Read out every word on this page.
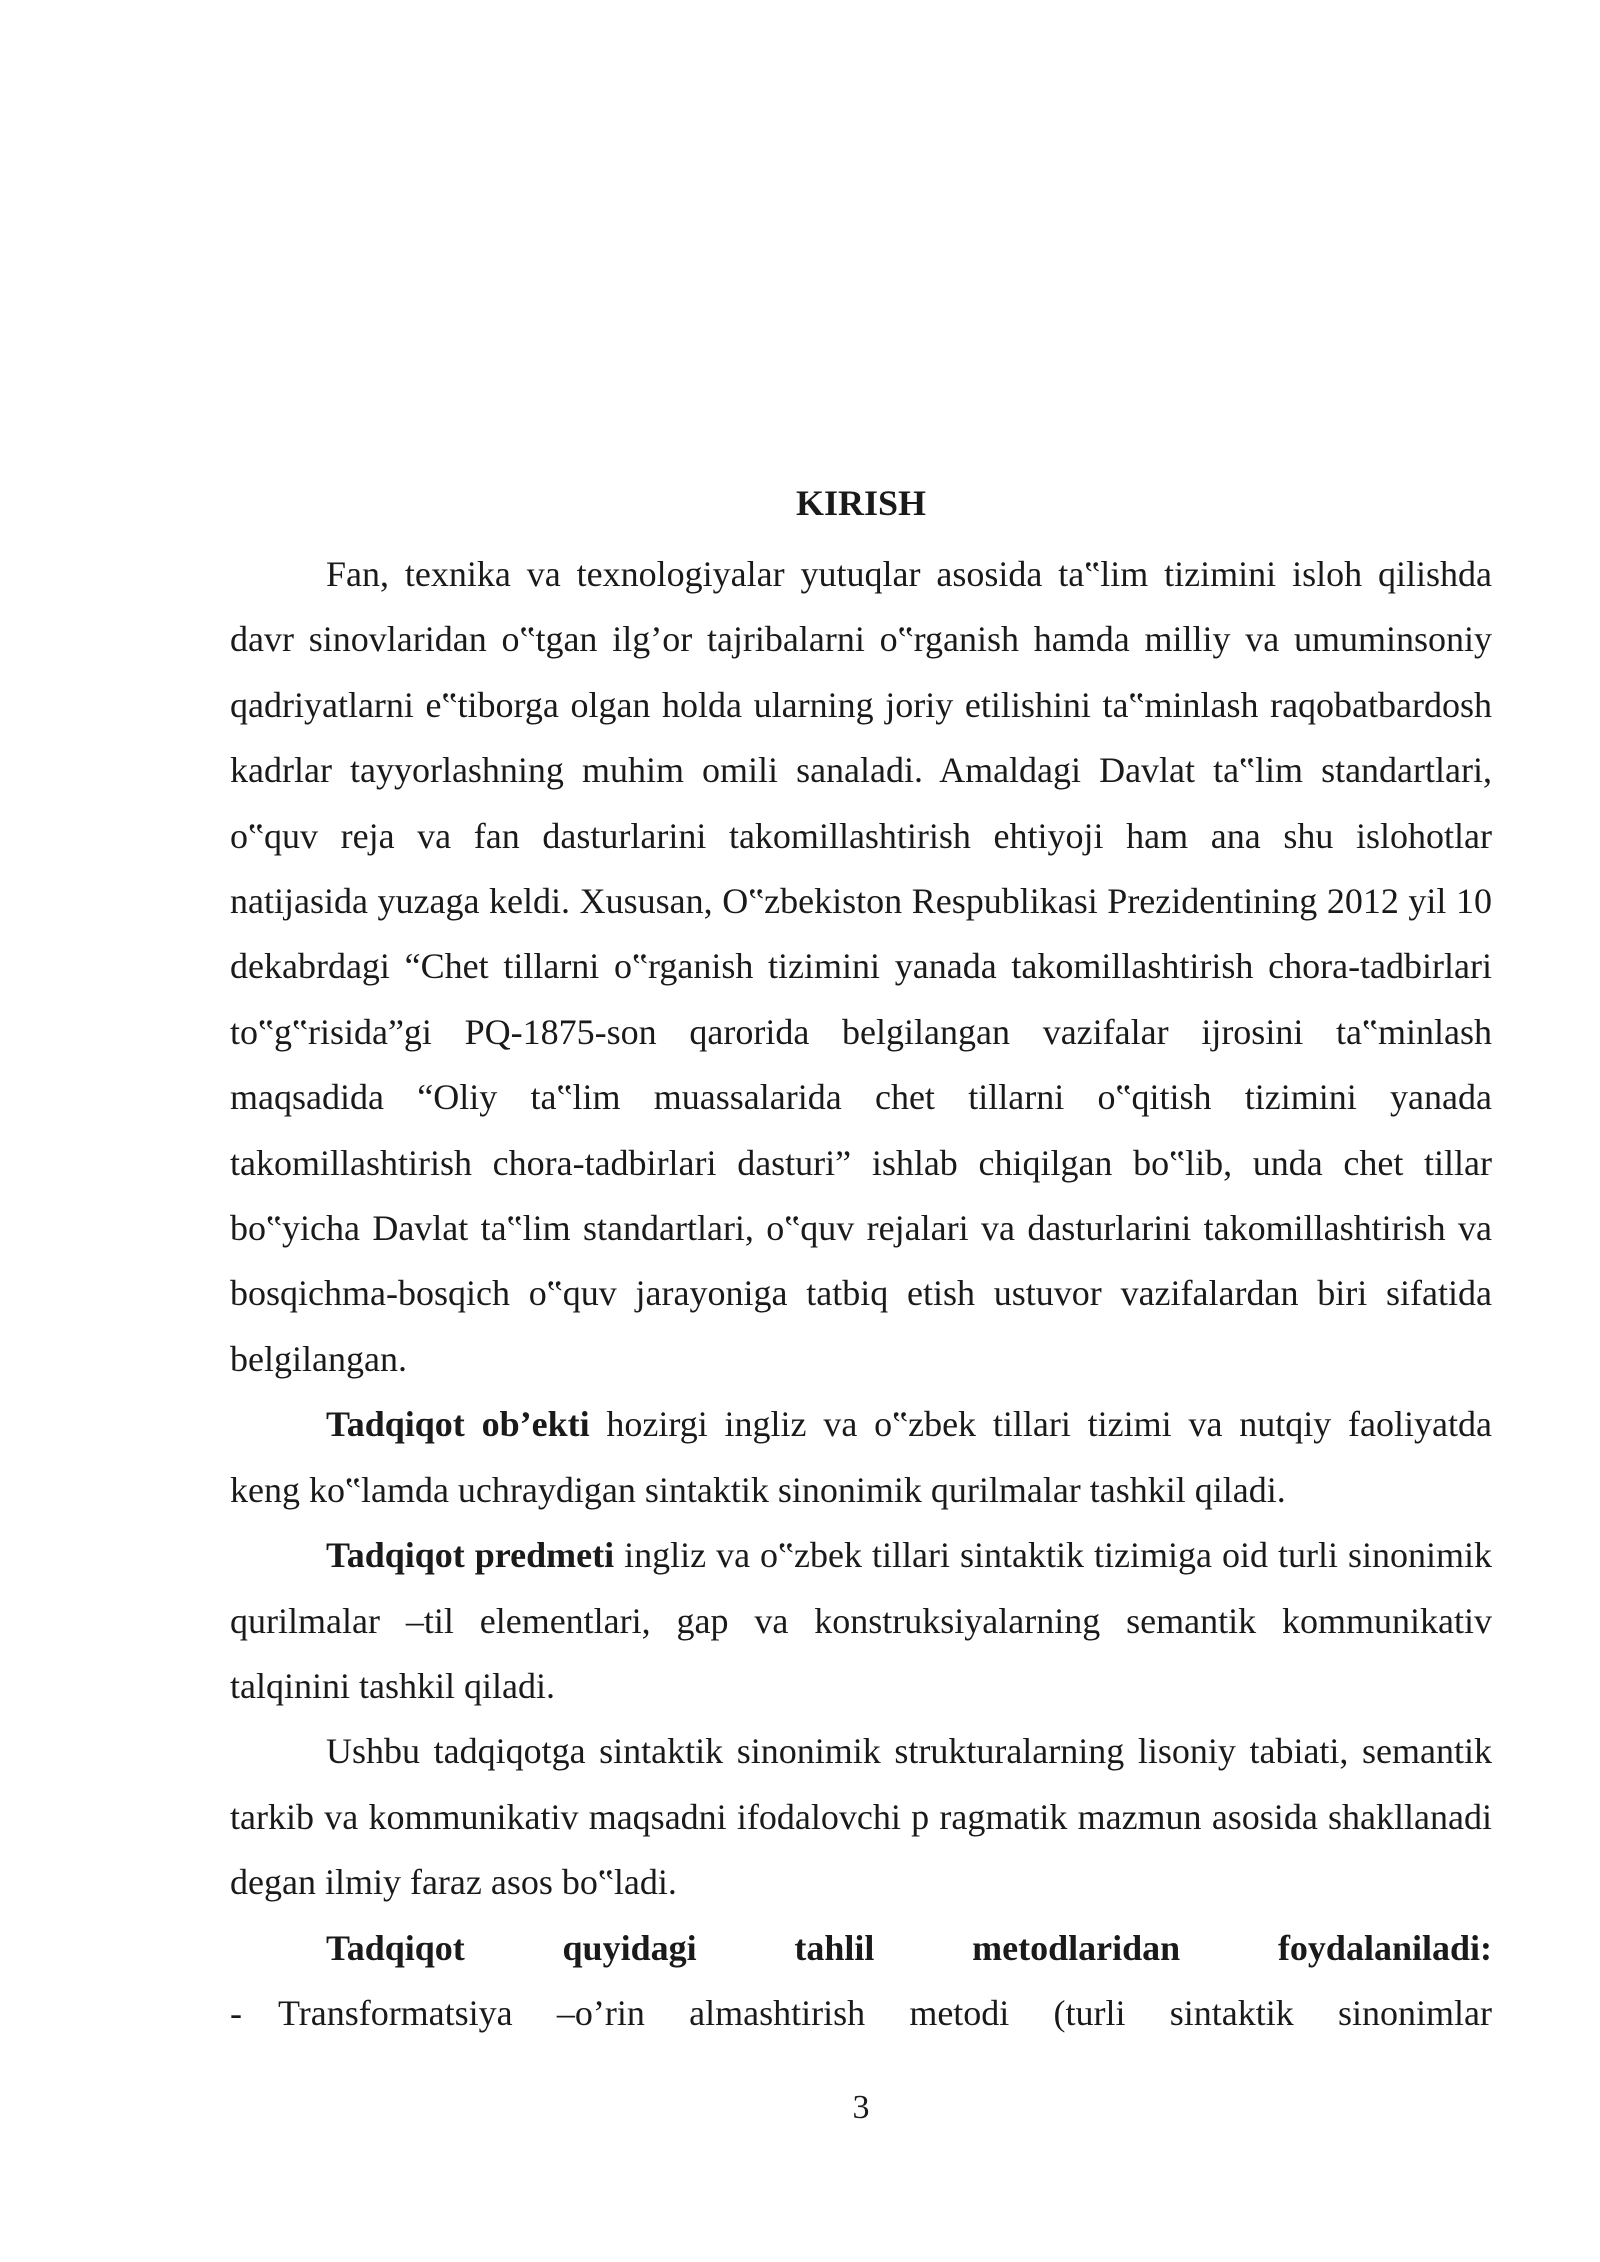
KIRISH

Fan, texnika va texnologiyalar yutuqlar asosida ta‟lim tizimini isloh qilishda davr sinovlaridan o‟tgan ilg’or tajribalarni o‟rganish hamda milliy va umuminsoniy qadriyatlarni e‟tiborga olgan holda ularning joriy etilishini ta‟minlash raqobatbardosh kadrlar tayyorlashning muhim omili sanaladi. Amaldagi Davlat ta‟lim standartlari, o‟quv reja va fan dasturlarini takomillashtirish ehtiyoji ham ana shu islohotlar natijasida yuzaga keldi. Xususan, O‟zbekiston Respublikasi Prezidentining 2012 yil 10 dekabrdagi “Chet tillarni o‟rganish tizimini yanada takomillashtirish chora-tadbirlari to‟g‟risida”gi PQ-1875-son qarorida belgilangan vazifalar ijrosini ta‟minlash maqsadida “Oliy ta‟lim muassalarida chet tillarni o‟qitish tizimini yanada takomillashtirish chora-tadbirlari dasturi” ishlab chiqilgan bo‟lib, unda chet tillar bo‟yicha Davlat ta‟lim standartlari, o‟quv rejalari va dasturlarini takomillashtirish va bosqichma-bosqich o‟quv jarayoniga tatbiq etish ustuvor vazifalardan biri sifatida belgilangan.

Tadqiqot ob’ekti hozirgi ingliz va o‟zbek tillari tizimi va nutqiy faoliyatda keng ko‟lamda uchraydigan sintaktik sinonimik qurilmalar tashkil qiladi.

Tadqiqot predmeti ingliz va o‟zbek tillari sintaktik tizimiga oid turli sinonimik qurilmalar –til elementlari, gap va konstruksiyalarning semantik kommunikativ talqinini tashkil qiladi.

Ushbu tadqiqotga sintaktik sinonimik strukturalarning lisoniy tabiati, semantik tarkib va kommunikativ maqsadni ifodalovchi p ragmatik mazmun asosida shakllanadi degan ilmiy faraz asos bo‟ladi.

Tadqiqot quyidagi tahlil metodlaridan foydalaniladi:

-	Transformatsiya –o’rin almashtirish metodi (turli sintaktik sinonimlar
3
